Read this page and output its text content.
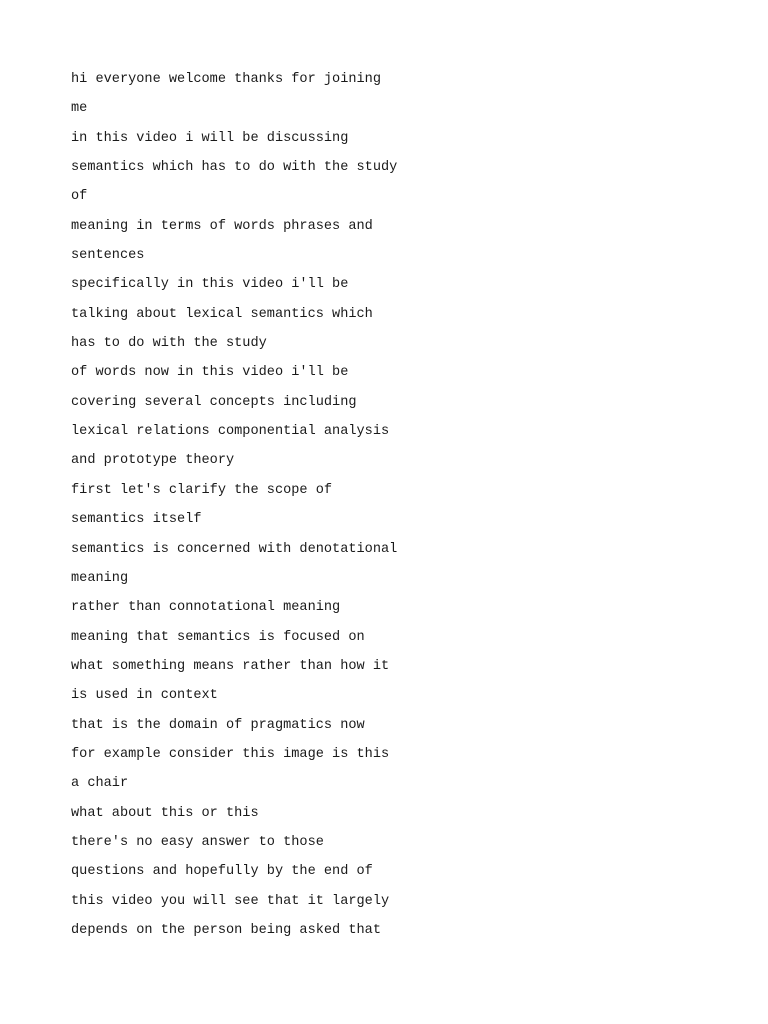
hi everyone welcome thanks for joining
me
in this video i will be discussing
semantics which has to do with the study
of
meaning in terms of words phrases and
sentences
specifically in this video i'll be
talking about lexical semantics which
has to do with the study
of words now in this video i'll be
covering several concepts including
lexical relations componential analysis
and prototype theory
first let's clarify the scope of
semantics itself
semantics is concerned with denotational
meaning
rather than connotational meaning
meaning that semantics is focused on
what something means rather than how it
is used in context
that is the domain of pragmatics now
for example consider this image is this
a chair
what about this or this
there's no easy answer to those
questions and hopefully by the end of
this video you will see that it largely
depends on the person being asked that
